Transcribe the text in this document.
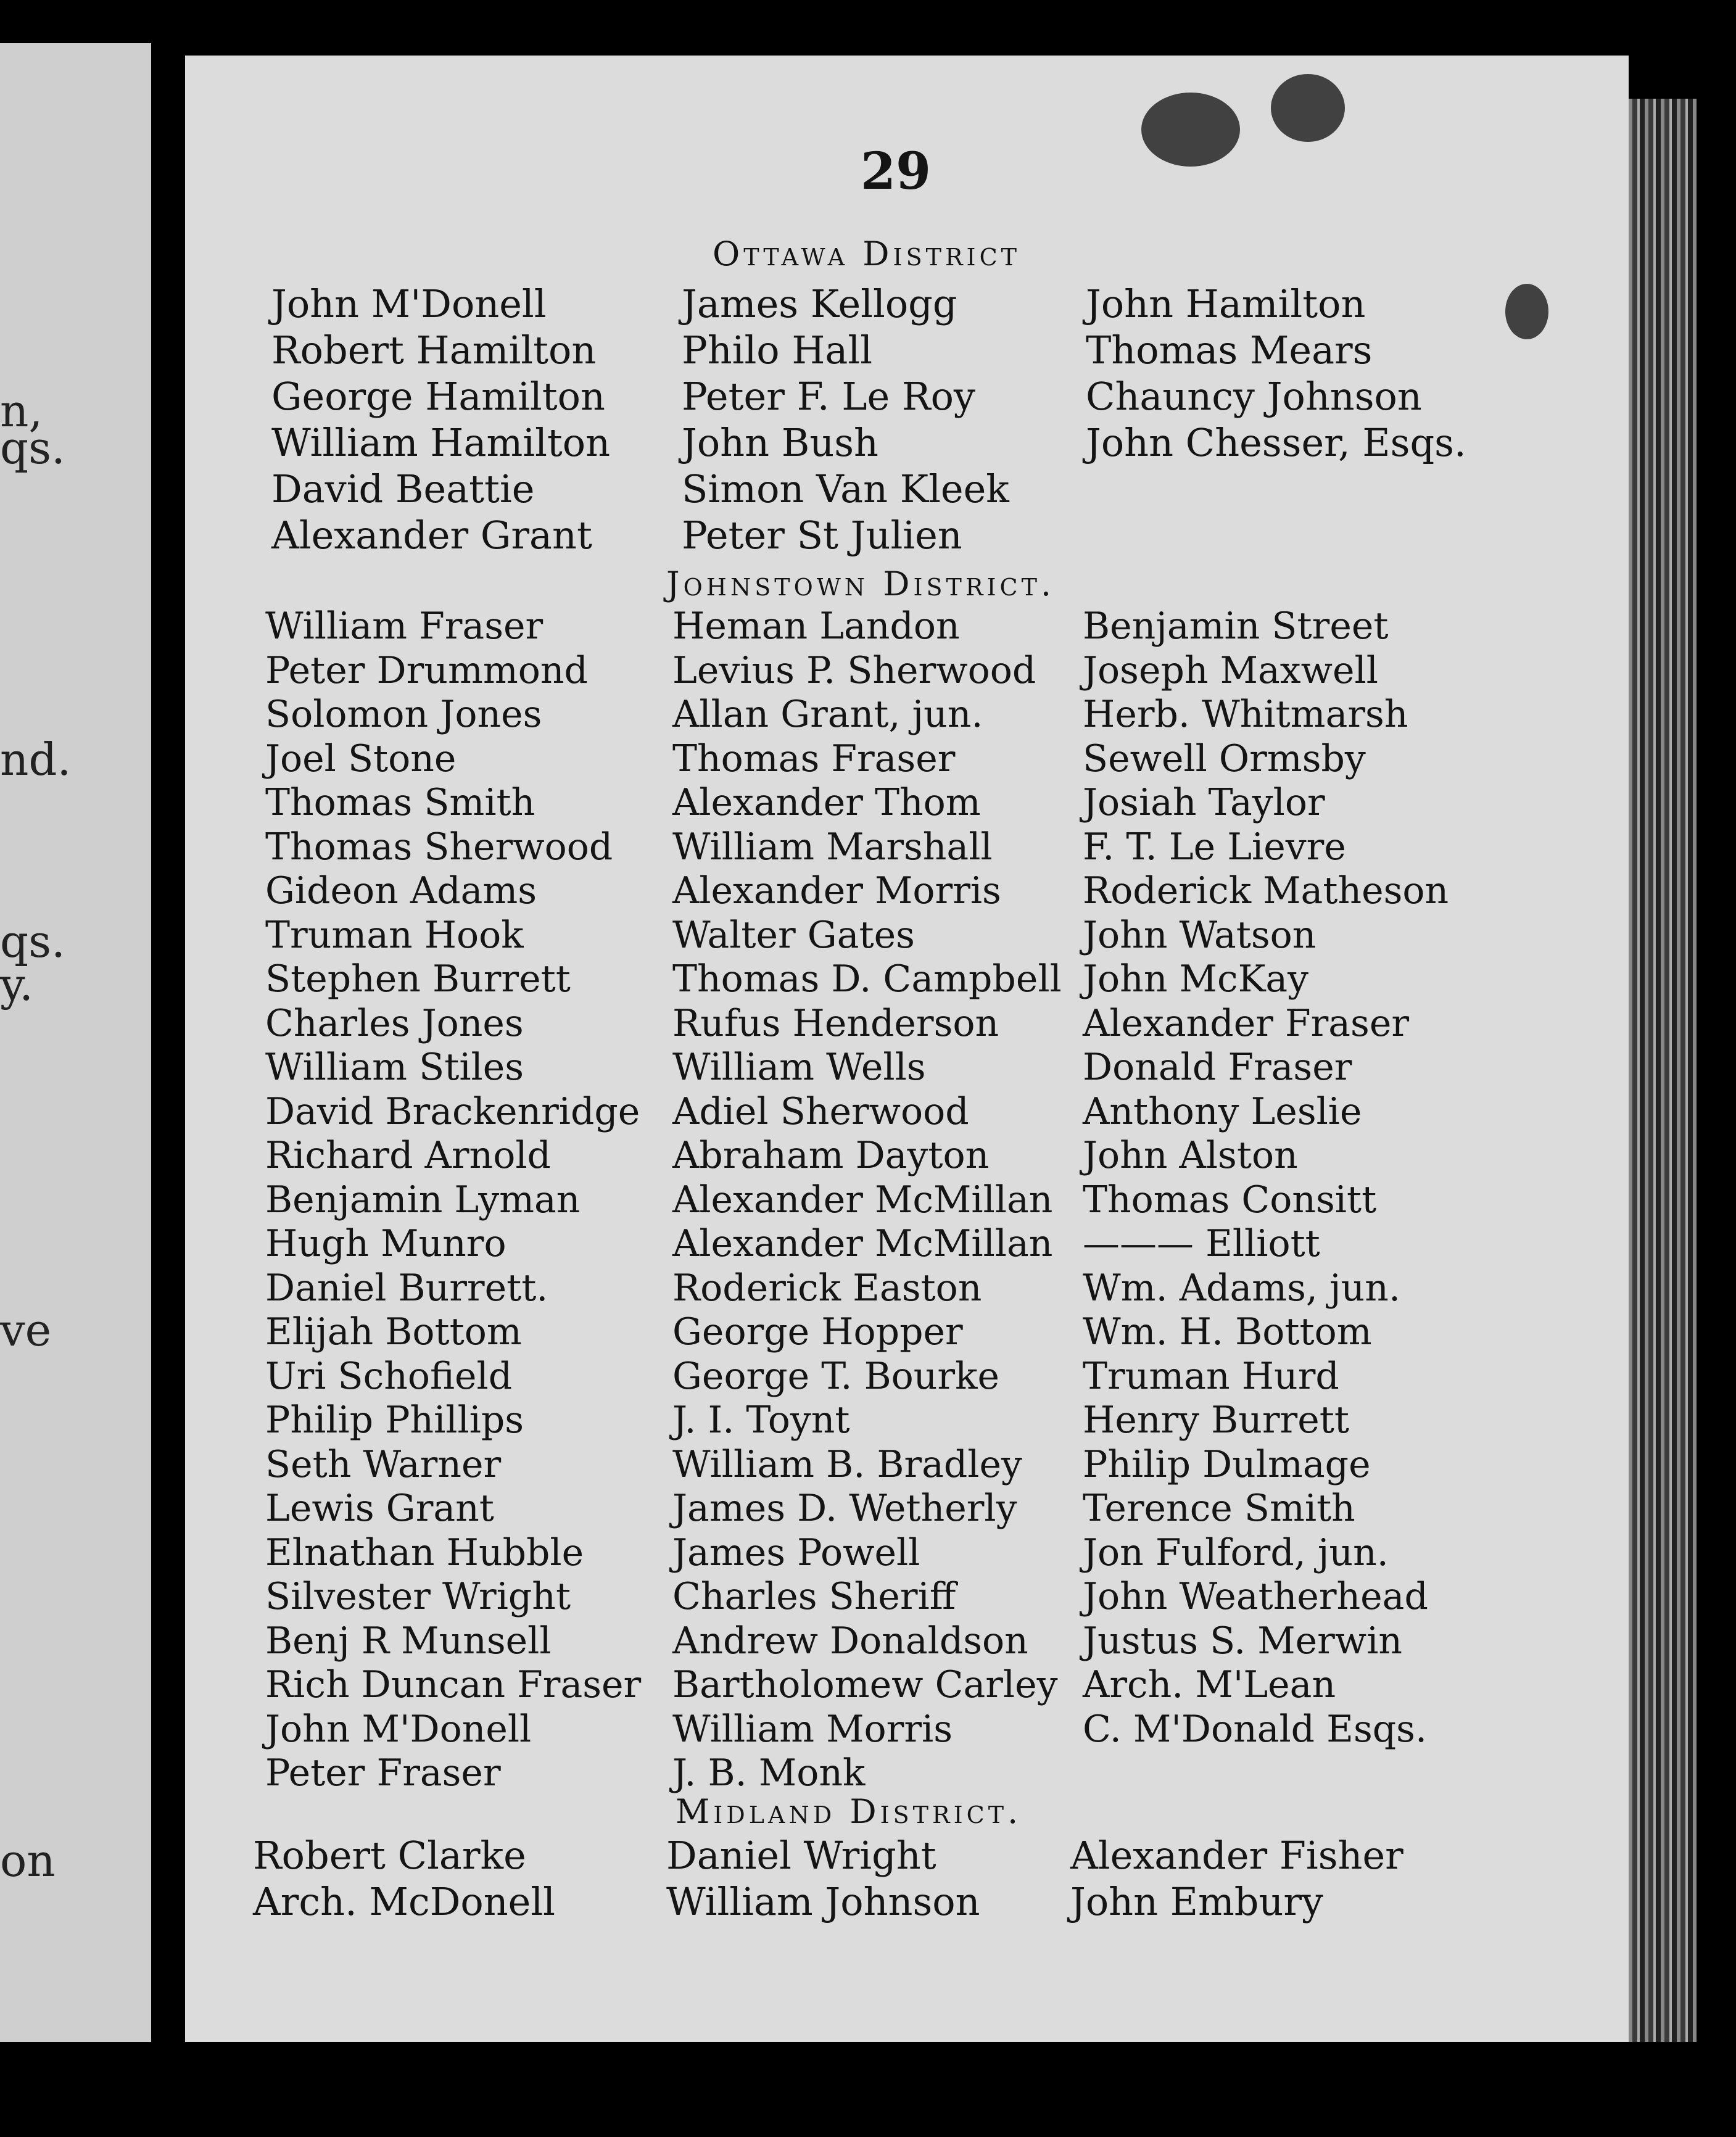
n,
qs.
nd.
qs.
y.
ve
on
29
Ottawa District
John M'Donell
Robert Hamilton
George Hamilton
William Hamilton
David Beattie
Alexander Grant
James Kellogg
Philo Hall
Peter F. Le Roy
John Bush
Simon Van Kleek
Peter St Julien
John Hamilton
Thomas Mears
Chauncy Johnson
John Chesser, Esqs.
Johnstown District.
William Fraser
Peter Drummond
Solomon Jones
Joel Stone
Thomas Smith
Thomas Sherwood
Gideon Adams
Truman Hook
Stephen Burrett
Charles Jones
William Stiles
David Brackenridge
Richard Arnold
Benjamin Lyman
Hugh Munro
Daniel Burrett.
Elijah Bottom
Uri Schofield
Philip Phillips
Seth Warner
Lewis Grant
Elnathan Hubble
Silvester Wright
Benj R Munsell
Rich Duncan Fraser
John M'Donell
Peter Fraser
Heman Landon
Levius P. Sherwood
Allan Grant, jun.
Thomas Fraser
Alexander Thom
William Marshall
Alexander Morris
Walter Gates
Thomas D. Campbell
Rufus Henderson
William Wells
Adiel Sherwood
Abraham Dayton
Alexander McMillan
Alexander McMillan
Roderick Easton
George Hopper
George T. Bourke
J. I. Toynt
William B. Bradley
James D. Wetherly
James Powell
Charles Sheriff
Andrew Donaldson
Bartholomew Carley
William Morris
J. B. Monk
Benjamin Street
Joseph Maxwell
Herb. Whitmarsh
Sewell Ormsby
Josiah Taylor
F. T. Le Lievre
Roderick Matheson
John Watson
John McKay
Alexander Fraser
Donald Fraser
Anthony Leslie
John Alston
Thomas Consitt
——— Elliott
Wm. Adams, jun.
Wm. H. Bottom
Truman Hurd
Henry Burrett
Philip Dulmage
Terence Smith
Jon Fulford, jun.
John Weatherhead
Justus S. Merwin
Arch. M'Lean
C. M'Donald Esqs.
Midland District.
Robert Clarke
Arch. McDonell
Daniel Wright
William Johnson
Alexander Fisher
John Embury
